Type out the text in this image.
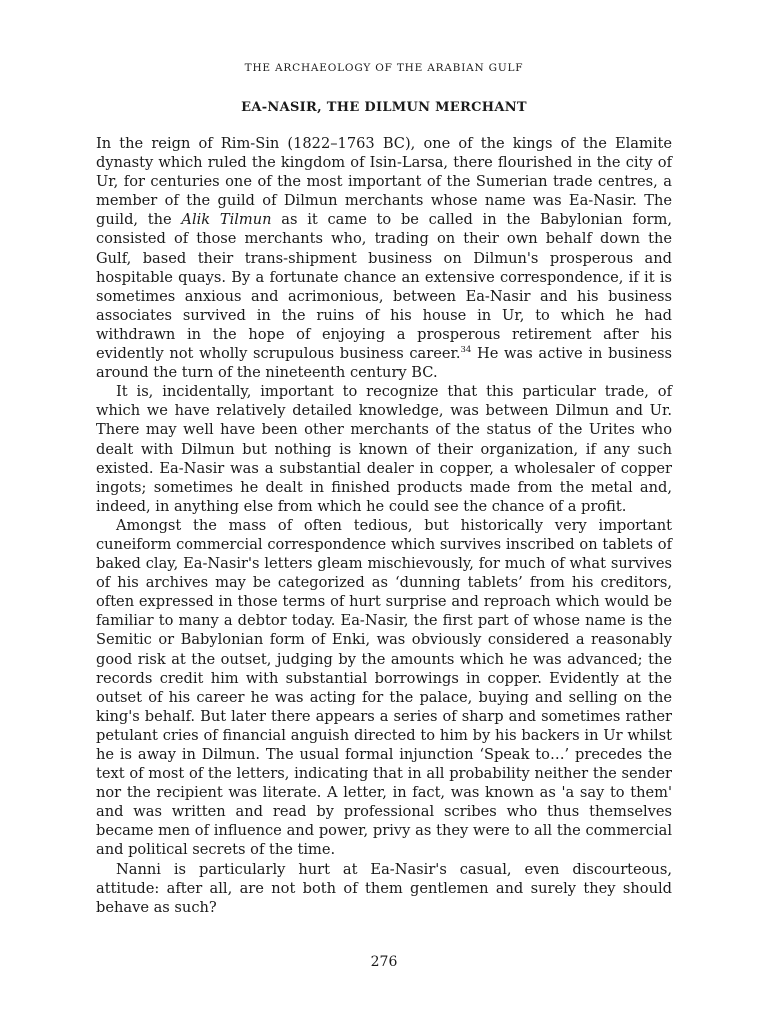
THE ARCHAEOLOGY OF THE ARABIAN GULF
EA-NASIR, THE DILMUN MERCHANT

In the reign of Rim-Sin (1822–1763 BC), one of the kings of the Elamite dynasty which ruled the kingdom of Isin-Larsa, there flourished in the city of Ur, for centuries one of the most important of the Sumerian trade centres, a member of the guild of Dilmun merchants whose name was Ea-Nasir. The guild, the Alik Tilmun as it came to be called in the Babylonian form, consisted of those merchants who, trading on their own behalf down the Gulf, based their trans-shipment business on Dilmun's prosperous and hospitable quays. By a fortunate chance an extensive correspondence, if it is sometimes anxious and acrimonious, between Ea-Nasir and his business associates survived in the ruins of his house in Ur, to which he had withdrawn in the hope of enjoying a prosperous retirement after his evidently not wholly scrupulous business career.$^{34}$ He was active in business around the turn of the nineteenth century BC.

It is, incidentally, important to recognize that this particular trade, of which we have relatively detailed knowledge, was between Dilmun and Ur. There may well have been other merchants of the status of the Urites who dealt with Dilmun but nothing is known of their organization, if any such existed. Ea-Nasir was a substantial dealer in copper, a wholesaler of copper ingots; sometimes he dealt in finished products made from the metal and, indeed, in anything else from which he could see the chance of a profit.

Amongst the mass of often tedious, but historically very important cuneiform commercial correspondence which survives inscribed on tablets of baked clay, Ea-Nasir's letters gleam mischievously, for much of what survives of his archives may be categorized as ‘dunning tablets’ from his creditors, often expressed in those terms of hurt surprise and reproach which would be familiar to many a debtor today. Ea-Nasir, the first part of whose name is the Semitic or Babylonian form of Enki, was obviously considered a reasonably good risk at the outset, judging by the amounts which he was advanced; the records credit him with substantial borrowings in copper. Evidently at the outset of his career he was acting for the palace, buying and selling on the king's behalf. But later there appears a series of sharp and sometimes rather petulant cries of financial anguish directed to him by his backers in Ur whilst he is away in Dilmun. The usual formal injunction ‘Speak to…’ precedes the text of most of the letters, indicating that in all probability neither the sender nor the recipient was literate. A letter, in fact, was known as 'a say to them' and was written and read by professional scribes who thus themselves became men of influence and power, privy as they were to all the commercial and political secrets of the time.

Nanni is particularly hurt at Ea-Nasir's casual, even discourteous, attitude: after all, are not both of them gentlemen and surely they should behave as such?

276
